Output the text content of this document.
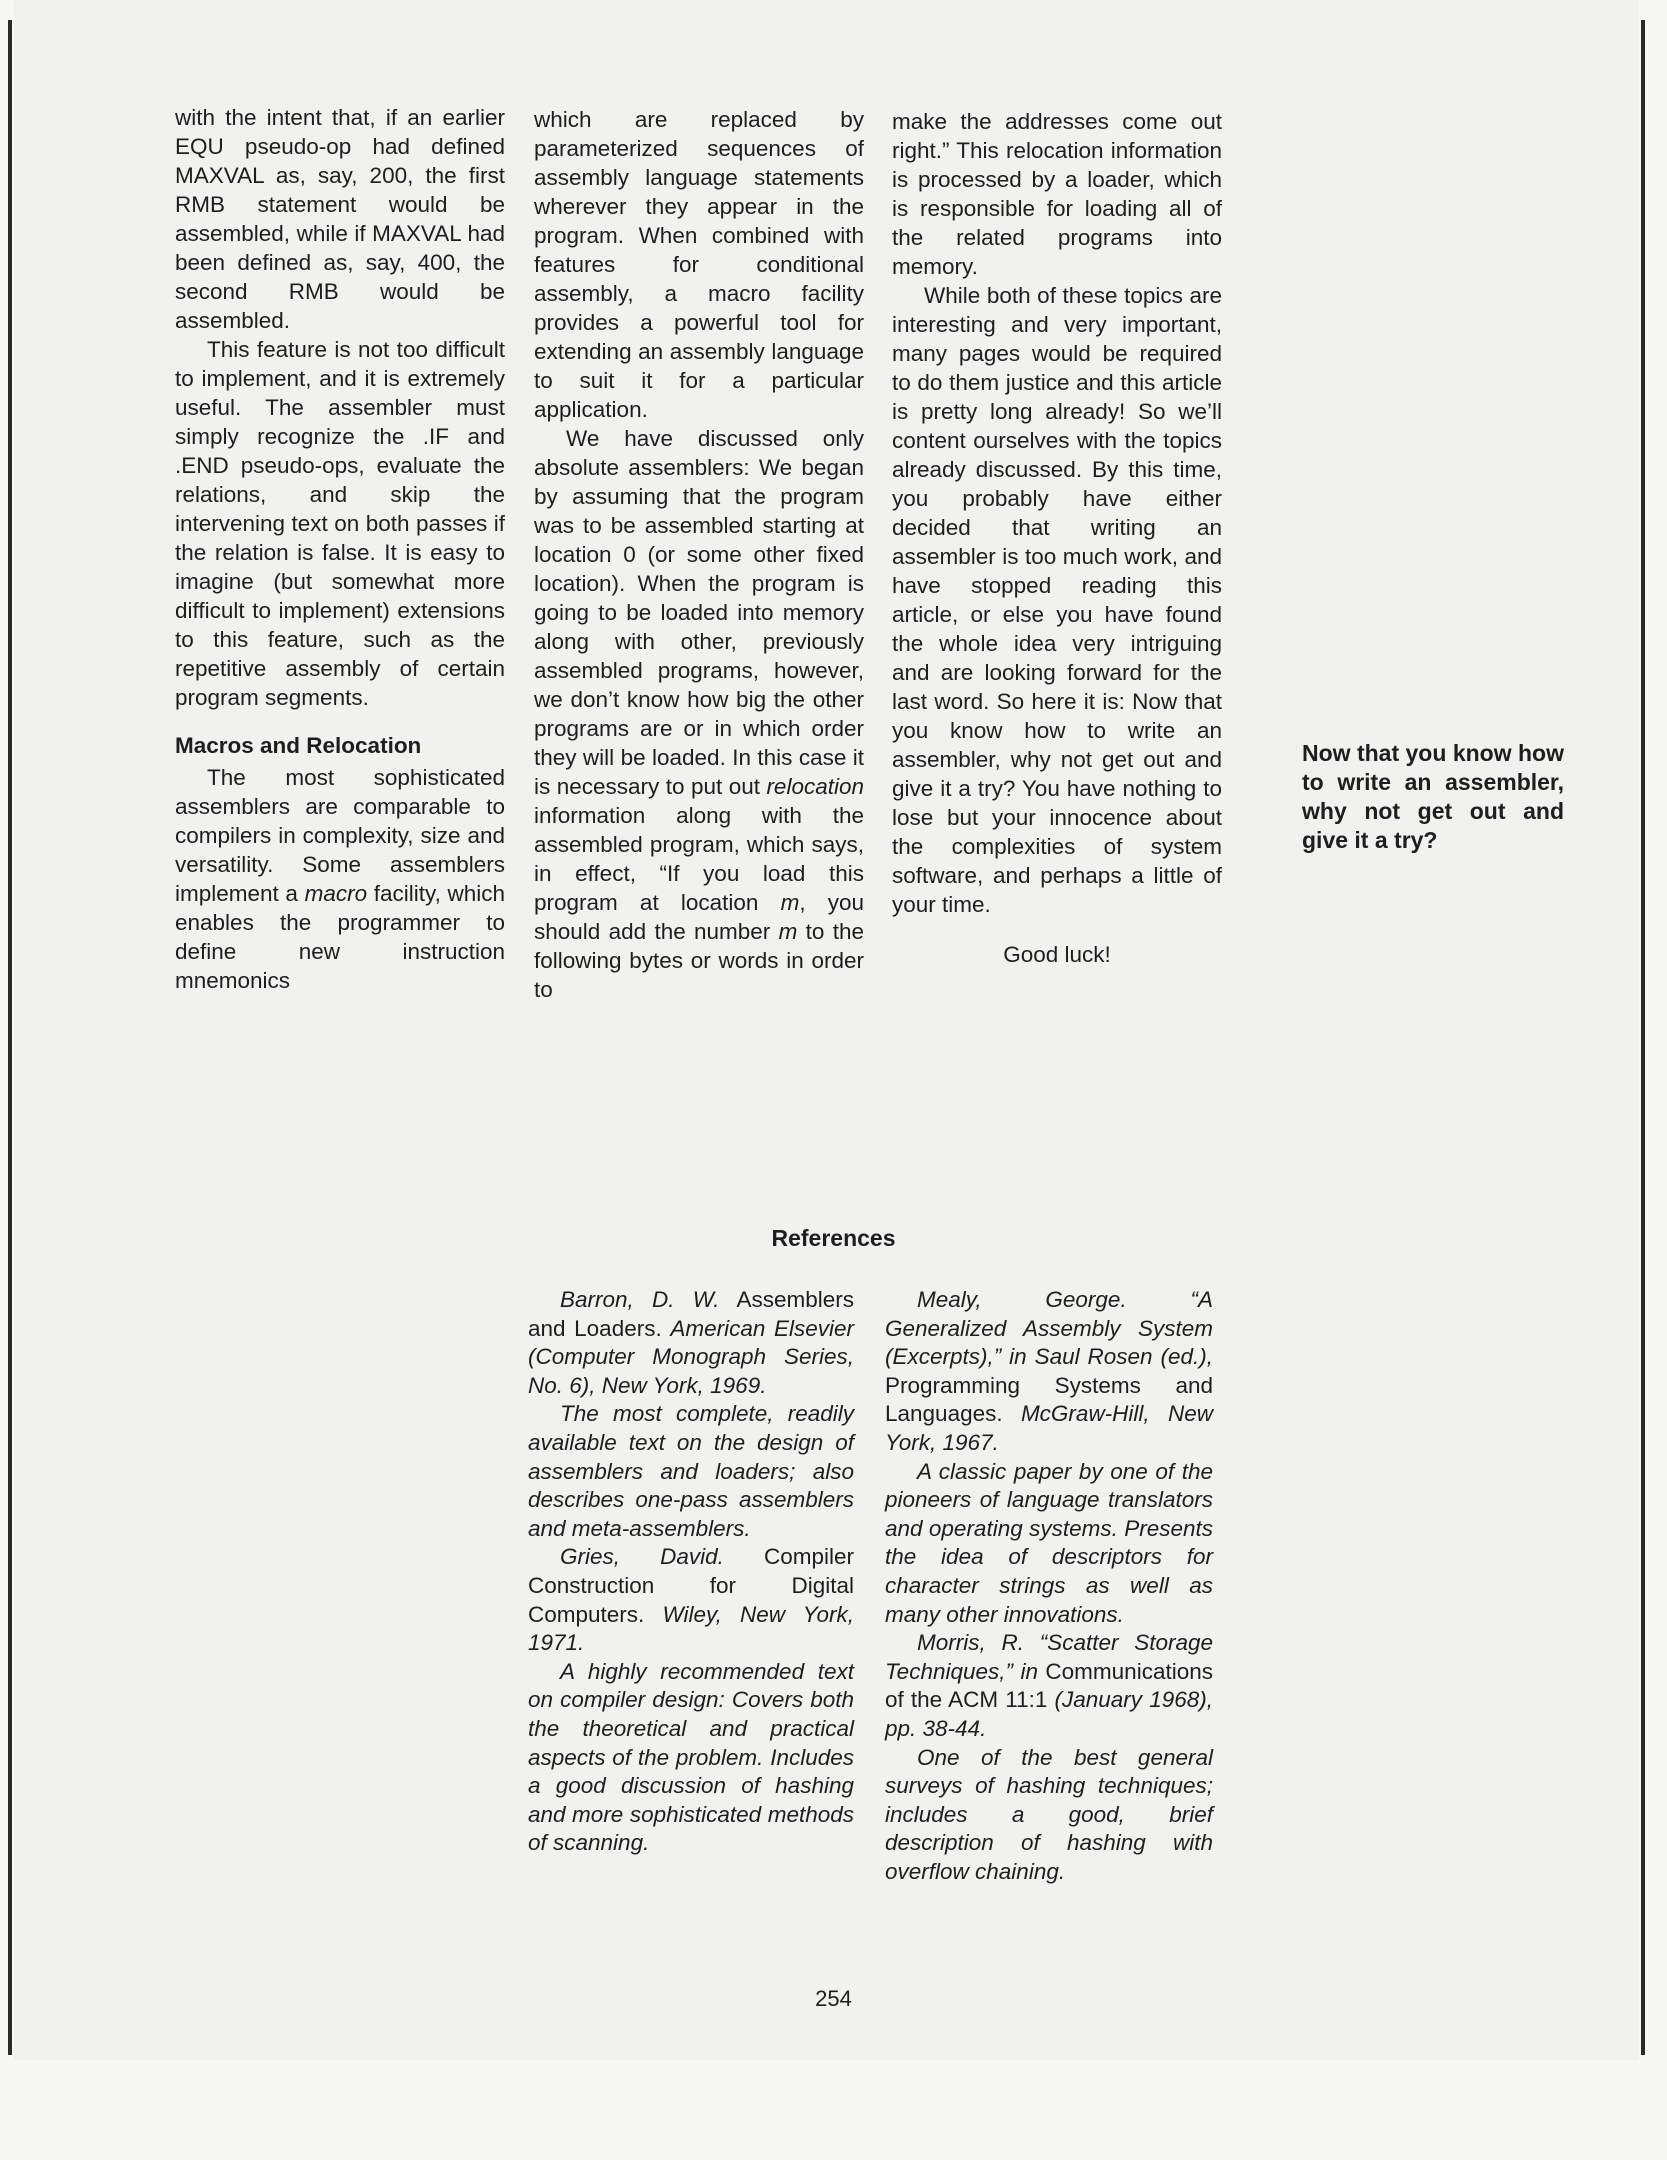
with the intent that, if an earlier EQU pseudo-op had defined MAXVAL as, say, 200, the first RMB statement would be assembled, while if MAXVAL had been defined as, say, 400, the second RMB would be assembled.

This feature is not too difficult to implement, and it is extremely useful. The assembler must simply recognize the .IF and .END pseudo-ops, evaluate the relations, and skip the intervening text on both passes if the relation is false. It is easy to imagine (but somewhat more difficult to implement) extensions to this feature, such as the repetitive assembly of certain program segments.

Macros and Relocation

The most sophisticated assemblers are comparable to compilers in complexity, size and versatility. Some assemblers implement a macro facility, which enables the programmer to define new instruction mnemonics

which are replaced by parameterized sequences of assembly language statements wherever they appear in the program. When combined with features for conditional assembly, a macro facility provides a powerful tool for extending an assembly language to suit it for a particular application.

We have discussed only absolute assemblers: We began by assuming that the program was to be assembled starting at location 0 (or some other fixed location). When the program is going to be loaded into memory along with other, previously assembled programs, however, we don’t know how big the other programs are or in which order they will be loaded. In this case it is necessary to put out relocation information along with the assembled program, which says, in effect, “If you load this program at location m, you should add the number m to the following bytes or words in order to

make the addresses come out right.” This relocation information is processed by a loader, which is responsible for loading all of the related programs into memory.

While both of these topics are interesting and very important, many pages would be required to do them justice and this article is pretty long already! So we’ll content ourselves with the topics already discussed. By this time, you probably have either decided that writing an assembler is too much work, and have stopped reading this article, or else you have found the whole idea very intriguing and are looking forward for the last word. So here it is: Now that you know how to write an assembler, why not get out and give it a try? You have nothing to lose but your innocence about the complexities of system software, and perhaps a little of your time.

Good luck!

Now that you know how to write an assembler, why not get out and give it a try?
References

Barron, D. W. Assemblers and Loaders. American Elsevier (Computer Monograph Series, No. 6), New York, 1969.

The most complete, readily available text on the design of assemblers and loaders; also describes one-pass assemblers and meta-assemblers.

Gries, David. Compiler Construction for Digital Computers. Wiley, New York, 1971.

A highly recommended text on compiler design: Covers both the theoretical and practical aspects of the problem. Includes a good discussion of hashing and more sophisticated methods of scanning.

Mealy, George. “A Generalized Assembly System (Excerpts),” in Saul Rosen (ed.), Programming Systems and Languages. McGraw-Hill, New York, 1967.

A classic paper by one of the pioneers of language translators and operating systems. Presents the idea of descriptors for character strings as well as many other innovations.

Morris, R. “Scatter Storage Techniques,” in Communications of the ACM 11:1 (January 1968), pp. 38-44.

One of the best general surveys of hashing techniques; includes a good, brief description of hashing with overflow chaining.

254
